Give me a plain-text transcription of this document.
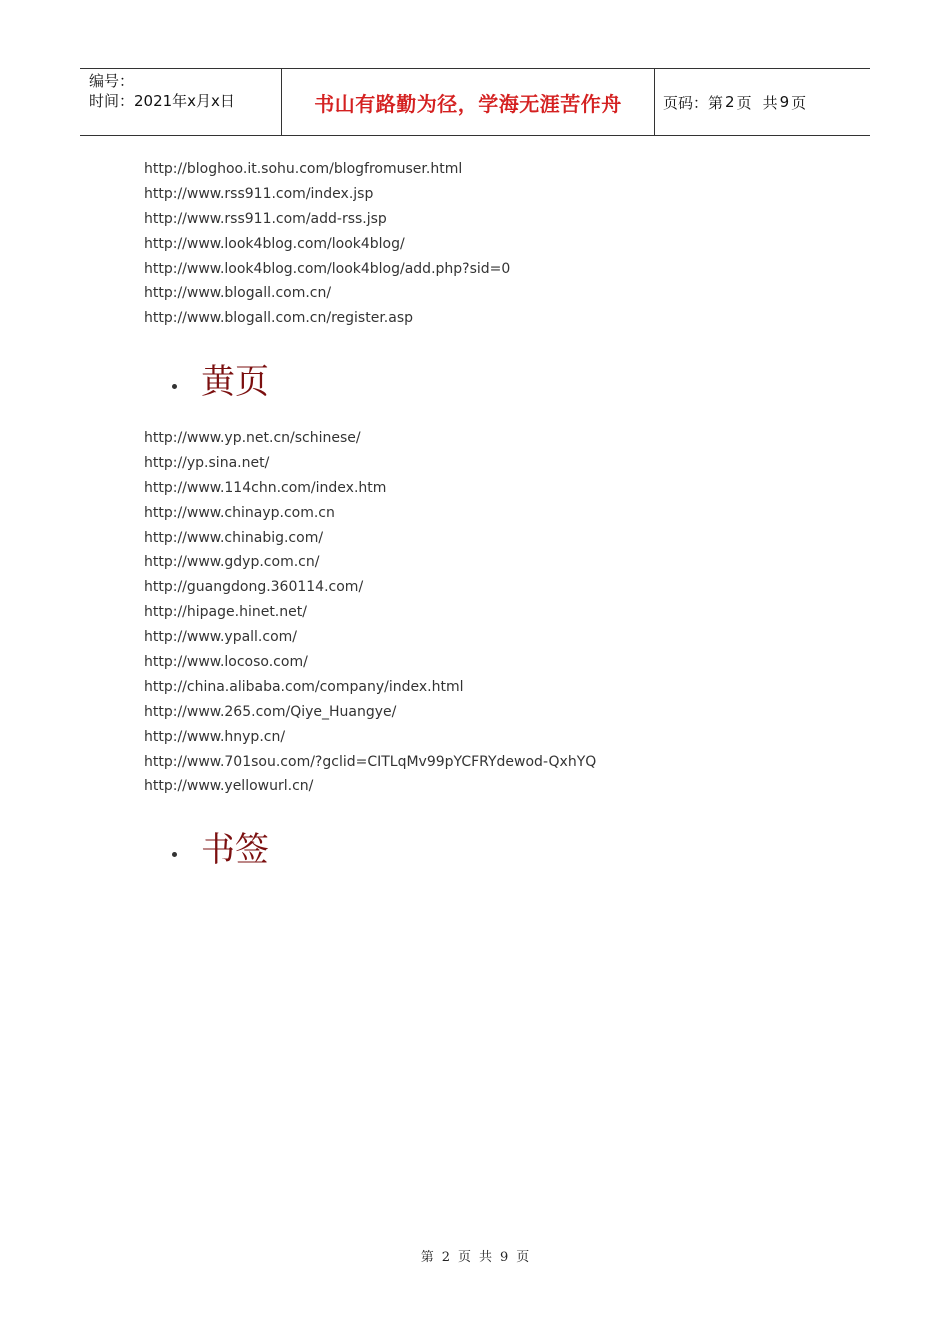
编号：
时间：2021年x月x日	书山有路勤为径，学海无涯苦作舟	页码：第 2 页 共 9 页
http://bloghoo.it.sohu.com/blogfromuser.html
http://www.rss911.com/index.jsp
http://www.rss911.com/add-rss.jsp
http://www.look4blog.com/look4blog/
http://www.look4blog.com/look4blog/add.php?sid=0
http://www.blogall.com.cn/
http://www.blogall.com.cn/register.asp
黄页
http://www.yp.net.cn/schinese/
http://yp.sina.net/
http://www.114chn.com/index.htm
http://www.chinayp.com.cn
http://www.chinabig.com/
http://www.gdyp.com.cn/
http://guangdong.360114.com/
http://hipage.hinet.net/
http://www.ypall.com/
http://www.locoso.com/
http://china.alibaba.com/company/index.html
http://www.265.com/Qiye_Huangye/
http://www.hnyp.cn/
http://www.701sou.com/?gclid=CITLqMv99pYCFRYdewod-QxhYQ
http://www.yellowurl.cn/
书签
第 2 页 共 9 页
